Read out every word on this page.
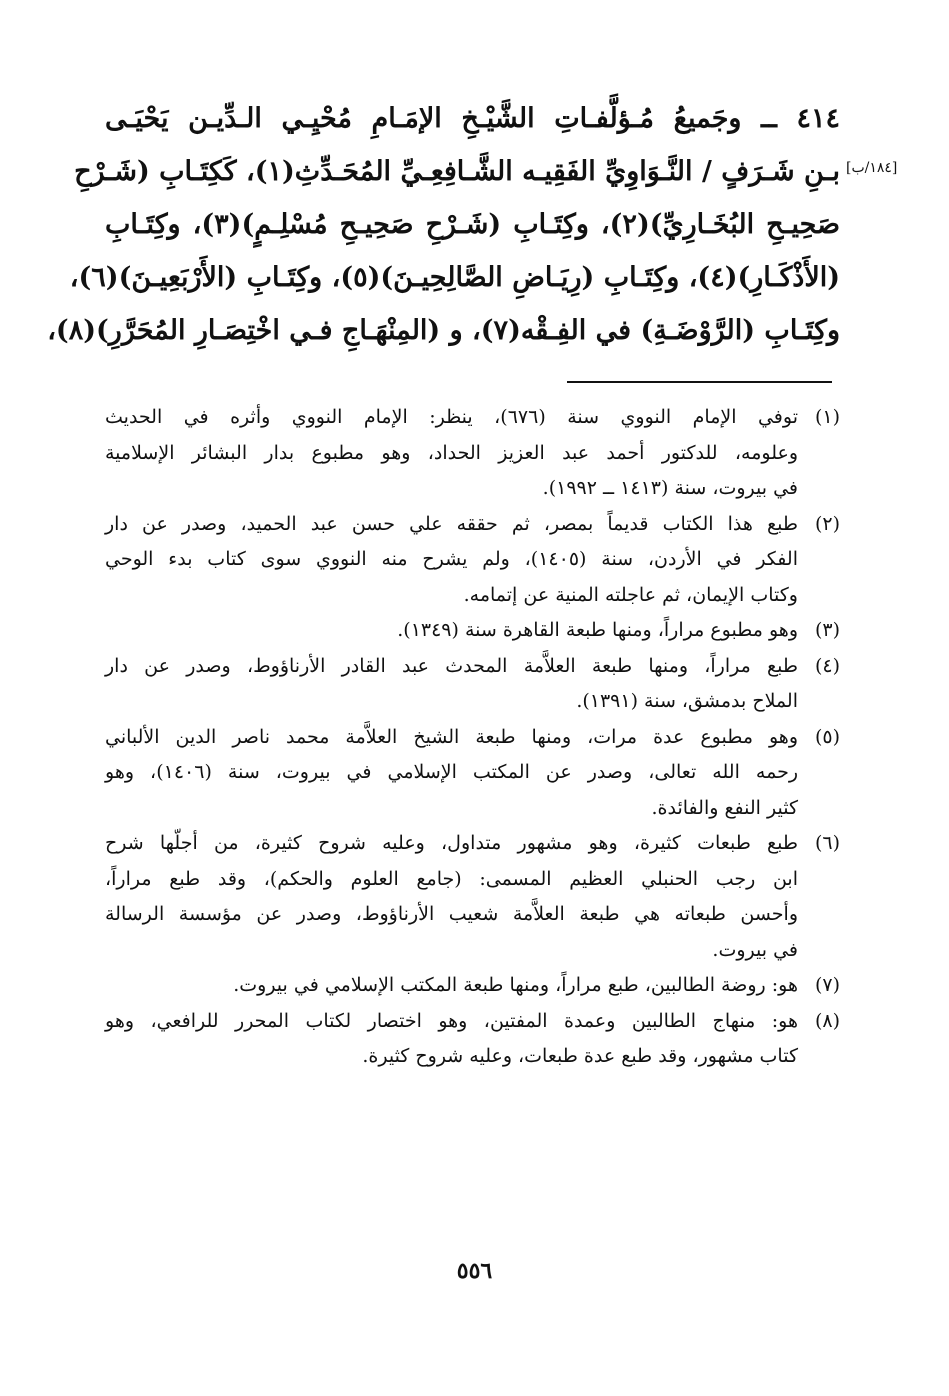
[١٨٤/ب]
٤١٤ ــ وجَميعُ مُـؤلَّفـاتِ الشَّيْـخِ الإمَـامِ مُحْيِـي الـدِّيـن يَحْيَـى
بـنِ شَـرَفٍ / النَّـوَاوِيِّ الفَقِيـه الشَّـافِعِـيِّ المُحَـدِّثِ(١)، كَكِتَـابِ (شَـرْحِ
صَحِيـحِ البُخَـارِيِّ)(٢)، وكِتَـابِ (شَـرْحِ صَحِيـحِ مُسْلِـمٍ)(٣)، وكِتَـابِ
(الأَذْكَـارِ)(٤)، وكِتَـابِ (رِيَـاضِ الصَّالِحِيـنَ)(٥)، وكِتَـابِ (الأَرْبَعِيـنَ)(٦)،
وكِتَـابِ (الرَّوْضَـةِ) في الفِـقْه(٧)، و (المِنْهَـاجِ فـي اخْتِصَـارِ المُحَرَّرِ)(٨)،
(١)
توفي الإمام النووي سنة (٦٧٦)، ينظر: الإمام النووي وأثره في الحديث
وعلومه، للدكتور أحمد عبد العزيز الحداد، وهو مطبوع بدار البشائر الإسلامية
في بيروت، سنة (١٤١٣ ــ ١٩٩٢).
(٢)
طبع هذا الكتاب قديماً بمصر، ثم حققه علي حسن عبد الحميد، وصدر عن دار
الفكر في الأردن، سنة (١٤٠٥)، ولم يشرح منه النووي سوى كتاب بدء الوحي
وكتاب الإيمان، ثم عاجلته المنية عن إتمامه.
(٣)
وهو مطبوع مراراً، ومنها طبعة القاهرة سنة (١٣٤٩).
(٤)
طبع مراراً، ومنها طبعة العلاَّمة المحدث عبد القادر الأرناؤوط، وصدر عن دار
الملاح بدمشق، سنة (١٣٩١).
(٥)
وهو مطبوع عدة مرات، ومنها طبعة الشيخ العلاَّمة محمد ناصر الدين الألباني
رحمه الله تعالى، وصدر عن المكتب الإسلامي في بيروت، سنة (١٤٠٦)، وهو
كثير النفع والفائدة.
(٦)
طبع طبعات كثيرة، وهو مشهور متداول، وعليه شروح كثيرة، من أجلّها شرح
ابن رجب الحنبلي العظيم المسمى: (جامع العلوم والحكم)، وقد طبع مراراً،
وأحسن طبعاته هي طبعة العلاَّمة شعيب الأرناؤوط، وصدر عن مؤسسة الرسالة
في بيروت.
(٧)
هو: روضة الطالبين، طبع مراراً، ومنها طبعة المكتب الإسلامي في بيروت.
(٨)
هو: منهاج الطالبين وعمدة المفتين، وهو اختصار لكتاب المحرر للرافعي، وهو
كتاب مشهور، وقد طبع عدة طبعات، وعليه شروح كثيرة.
٥٥٦
